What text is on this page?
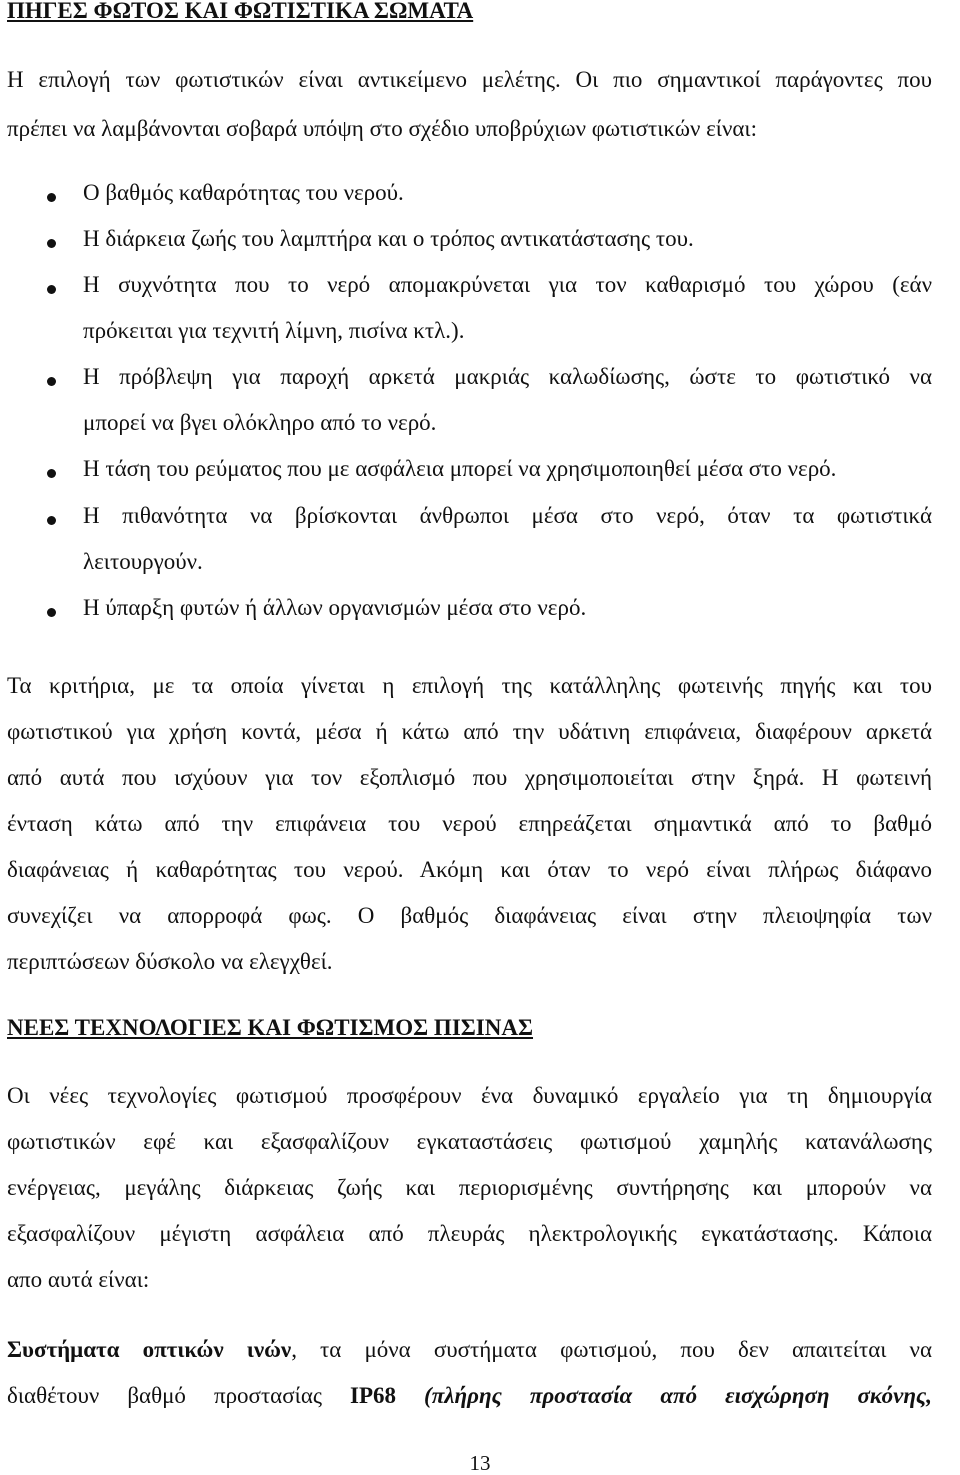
ΠΗΓΕΣ ΦΩΤΟΣ ΚΑΙ ΦΩΤΙΣΤΙΚΑ ΣΩΜΑΤΑ
Η επιλογή των φωτιστικών είναι αντικείμενο μελέτης. Οι πιο σημαντικοί παράγοντες που
πρέπει να λαμβάνονται σοβαρά υπόψη στο σχέδιο υποβρύχιων φωτιστικών είναι:
Ο βαθμός καθαρότητας του νερού.
Η διάρκεια ζωής του λαμπτήρα και ο τρόπος αντικατάστασης του.
Η συχνότητα που το νερό απομακρύνεται για τον καθαρισμό του χώρου (εάν
πρόκειται για τεχνιτή λίμνη, πισίνα κτλ.).
Η πρόβλεψη για παροχή αρκετά μακριάς καλωδίωσης, ώστε το φωτιστικό να
μπορεί να βγει ολόκληρο από το νερό.
Η τάση του ρεύματος που με ασφάλεια μπορεί να χρησιμοποιηθεί μέσα στο νερό.
Η πιθανότητα να βρίσκονται άνθρωποι μέσα στο νερό, όταν τα φωτιστικά
λειτουργούν.
Η ύπαρξη φυτών ή άλλων οργανισμών μέσα στο νερό.
Τα κριτήρια, με τα οποία γίνεται η επιλογή της κατάλληλης φωτεινής πηγής και του
φωτιστικού για χρήση κοντά, μέσα ή κάτω από την υδάτινη επιφάνεια, διαφέρουν αρκετά
από αυτά που ισχύουν για τον εξοπλισμό που χρησιμοποιείται στην ξηρά. Η φωτεινή
ένταση κάτω από την επιφάνεια του νερού επηρεάζεται σημαντικά από το βαθμό
διαφάνειας ή καθαρότητας του νερού. Ακόμη και όταν το νερό είναι πλήρως διάφανο
συνεχίζει να απορροφά φως. Ο βαθμός διαφάνειας είναι στην πλειοψηφία των
περιπτώσεων δύσκολο να ελεγχθεί.
ΝΕΕΣ ΤΕΧΝΟΛΟΓΙΕΣ ΚΑΙ ΦΩΤΙΣΜΟΣ ΠΙΣΙΝΑΣ
Οι νέες τεχνολογίες φωτισμού προσφέρουν ένα δυναμικό εργαλείο για τη δημιουργία
φωτιστικών εφέ και εξασφαλίζουν εγκαταστάσεις φωτισμού χαμηλής κατανάλωσης
ενέργειας, μεγάλης διάρκειας ζωής και περιορισμένης συντήρησης και μπορούν να
εξασφαλίζουν μέγιστη ασφάλεια από πλευράς ηλεκτρολογικής εγκατάστασης. Κάποια
απο αυτά είναι:
Συστήματα οπτικών ινών, τα μόνα συστήματα φωτισμού, που δεν απαιτείται να
διαθέτουν βαθμό προστασίας IP68 (πλήρης προστασία από εισχώρηση σκόνης,
13
